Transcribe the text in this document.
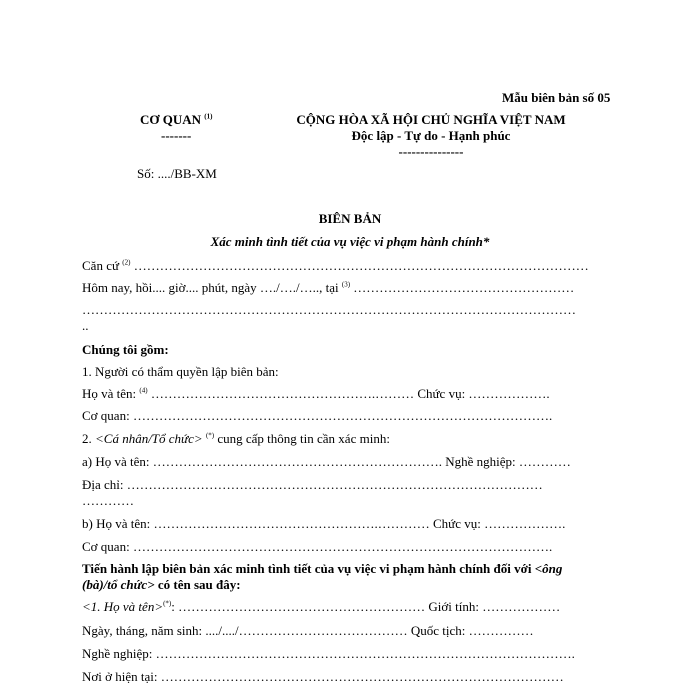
Mẫu biên bản số 05
CƠ QUAN $^{(1)}$
-------
CỘNG HÒA XÃ HỘI CHỦ NGHĨA VIỆT NAM
Độc lập - Tự do - Hạnh phúc
---------------
Số: ..../BB-XM
BIÊN BẢN
Xác minh tình tiết của vụ việc vi phạm hành chính*
Căn cứ $^{(2)}$ ……………………………………………………………………………………………
Hôm nay, hồi.... giờ.... phút, ngày …./…./….., tại $^{(3)}$ ……………………………………………
……………………………………………………………………………………………………
..
Chúng tôi gồm:
1. Người có thẩm quyền lập biên bản:
Họ và tên: $^{(4)}$ …………………………………………….……… Chức vụ: ……………….
Cơ quan: …………………………………………………………………………………….
2. <Cá nhân/Tổ chức> (*) cung cấp thông tin cần xác minh:
a) Họ và tên: …………………………………………………………. Nghề nghiệp: …………
Địa chỉ: ……………………………………………………………………………………
…………
b) Họ và tên: …………………………………………….………… Chức vụ: ……………….
Cơ quan: …………………………………………………………………………………….
Tiến hành lập biên bản xác minh tình tiết của vụ việc vi phạm hành chính đối với <ông
(bà)/tổ chức> có tên sau đây:
<1. Họ và tên>(*): ………………………………………………… Giới tính: ………………
Ngày, tháng, năm sinh: ..../..../………………………………… Quốc tịch: ……………
Nghề nghiệp: …………………………………………………………………………………….
Nơi ở hiện tại: …………………………………………………………………………………
